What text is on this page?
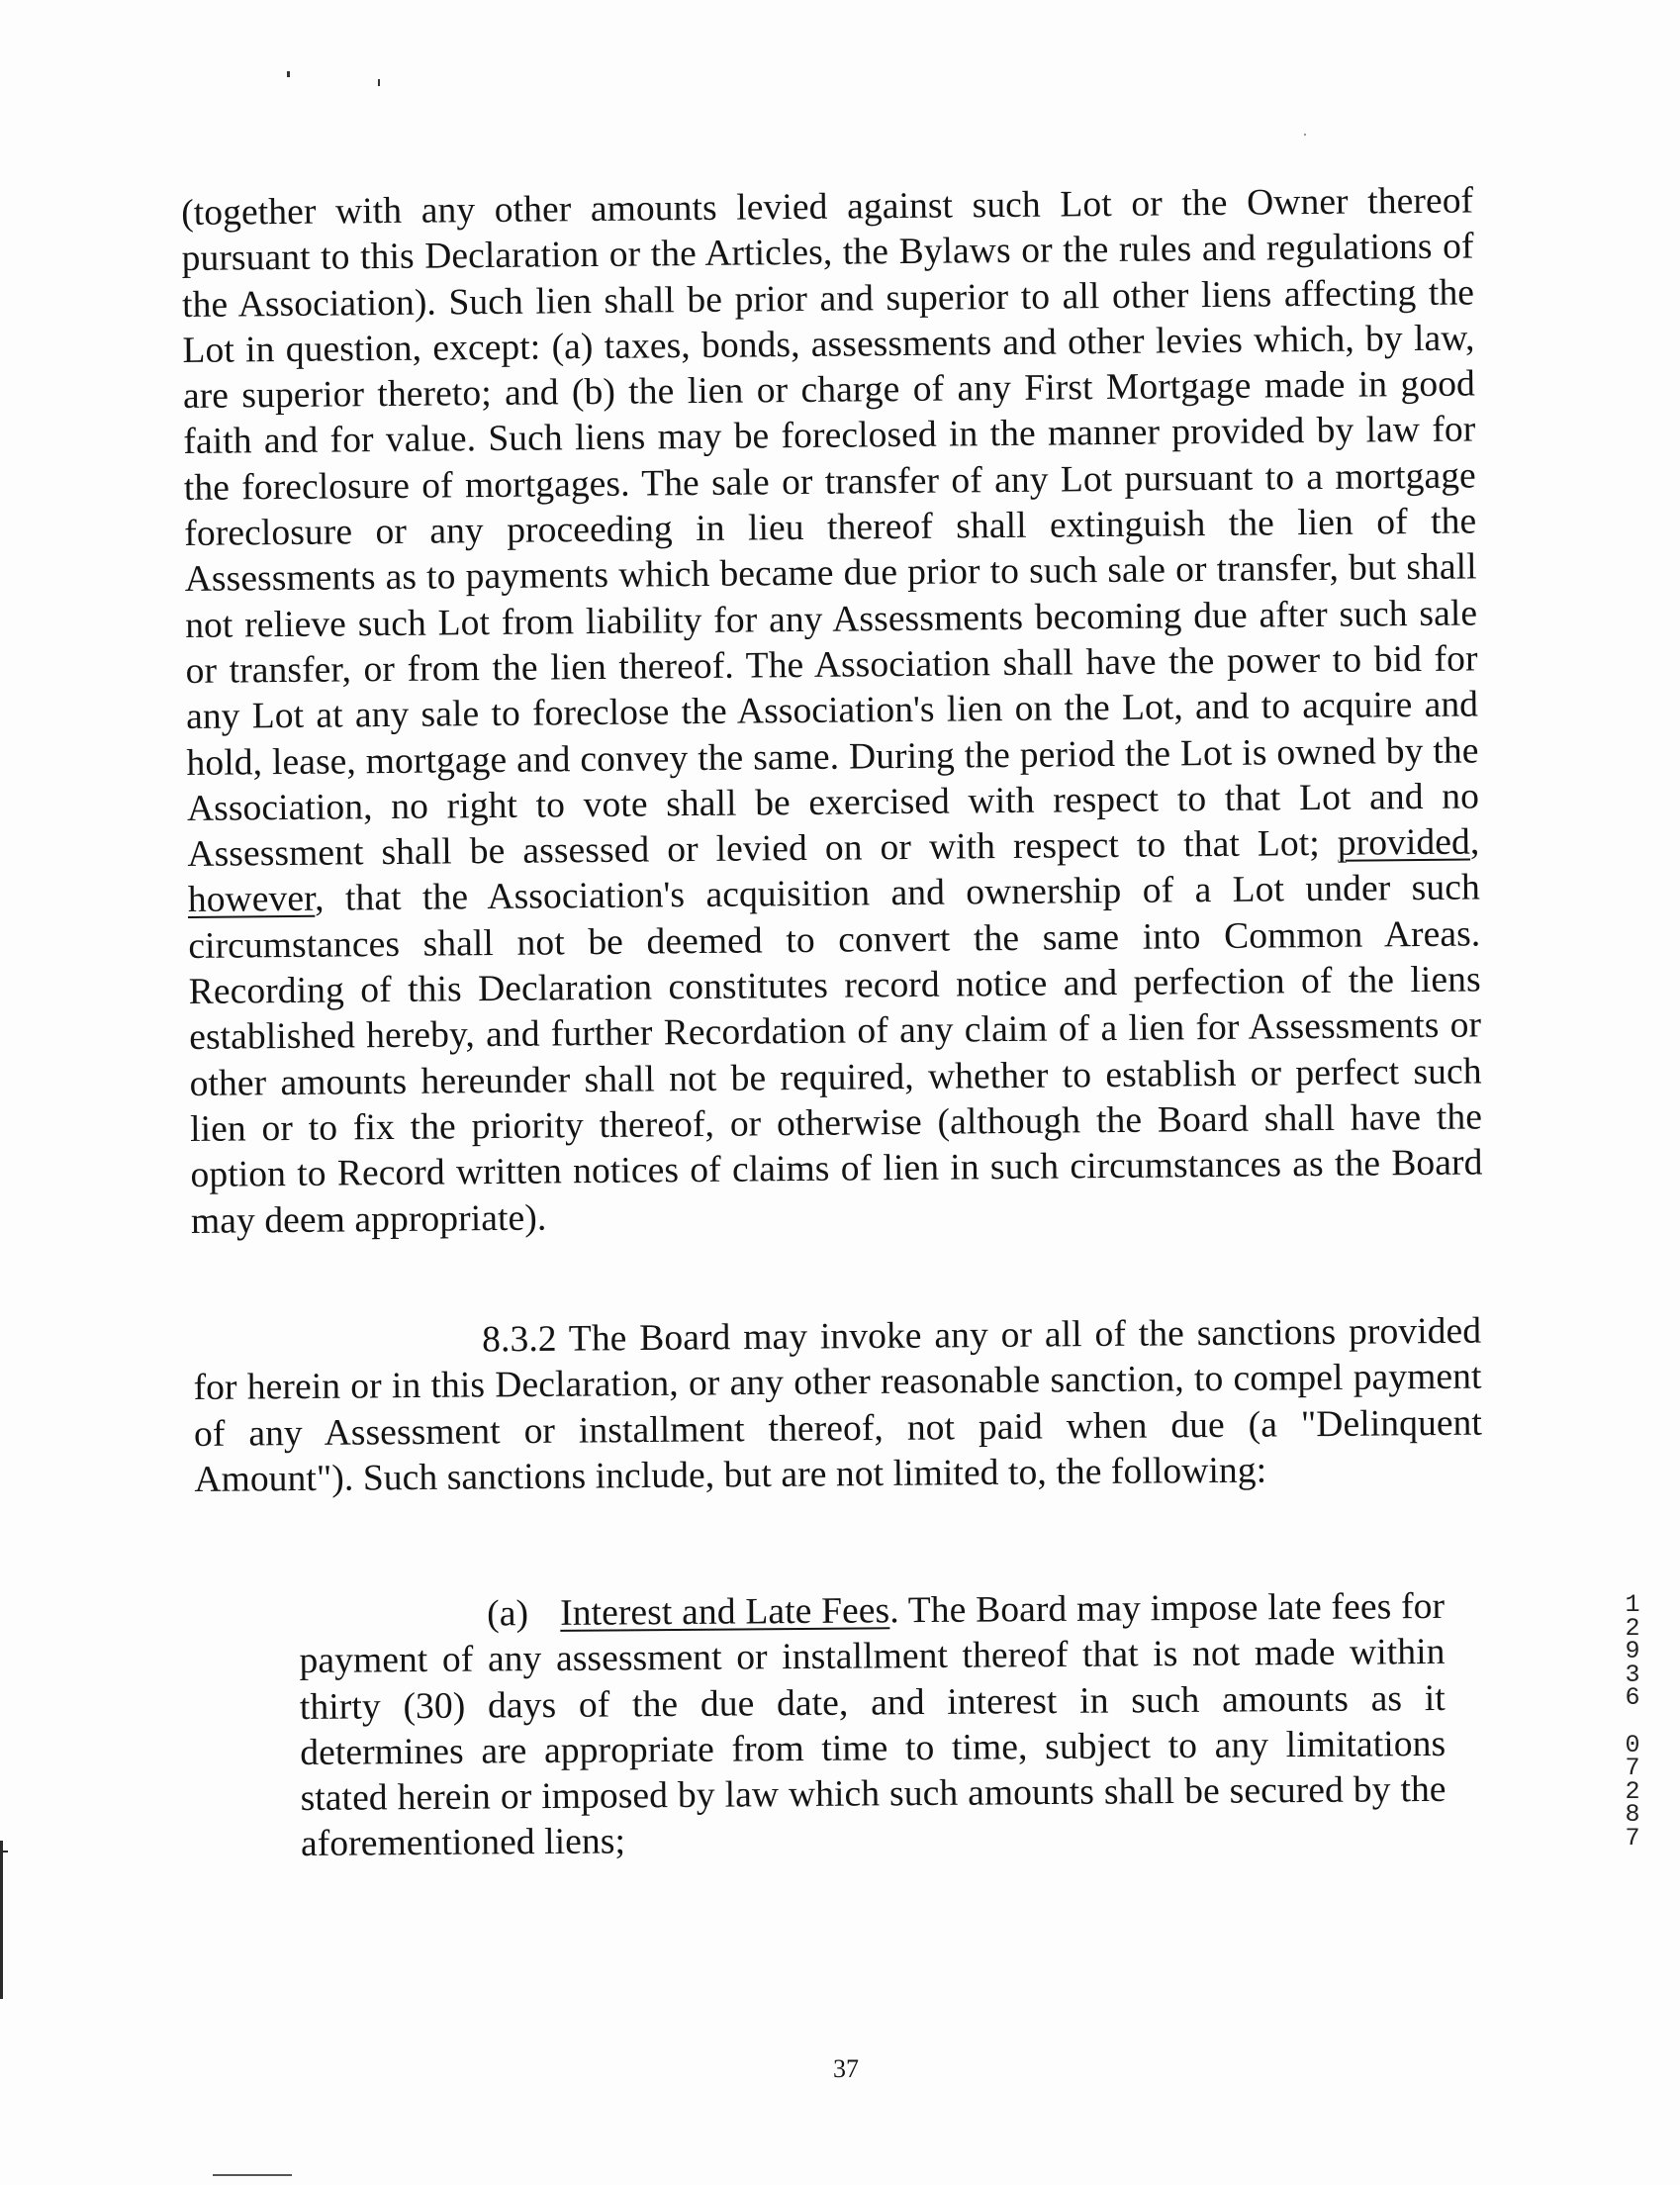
(together with any other amounts levied against such Lot or the Owner thereof pursuant to this Declaration or the Articles, the Bylaws or the rules and regulations of the Association). Such lien shall be prior and superior to all other liens affecting the Lot in question, except: (a) taxes, bonds, assessments and other levies which, by law, are superior thereto; and (b) the lien or charge of any First Mortgage made in good faith and for value. Such liens may be foreclosed in the manner provided by law for the foreclosure of mortgages. The sale or transfer of any Lot pursuant to a mortgage foreclosure or any proceeding in lieu thereof shall extinguish the lien of the Assessments as to payments which became due prior to such sale or transfer, but shall not relieve such Lot from liability for any Assessments becoming due after such sale or transfer, or from the lien thereof. The Association shall have the power to bid for any Lot at any sale to foreclose the Association's lien on the Lot, and to acquire and hold, lease, mortgage and convey the same. During the period the Lot is owned by the Association, no right to vote shall be exercised with respect to that Lot and no Assessment shall be assessed or levied on or with respect to that Lot; provided, however, that the Association's acquisition and ownership of a Lot under such circumstances shall not be deemed to convert the same into Common Areas. Recording of this Declaration constitutes record notice and perfection of the liens established hereby, and further Recordation of any claim of a lien for Assessments or other amounts hereunder shall not be required, whether to establish or perfect such lien or to fix the priority thereof, or otherwise (although the Board shall have the option to Record written notices of claims of lien in such circumstances as the Board may deem appropriate).

8.3.2 The Board may invoke any or all of the sanctions provided for herein or in this Declaration, or any other reasonable sanction, to compel payment of any Assessment or installment thereof, not paid when due (a "Delinquent Amount"). Such sanctions include, but are not limited to, the following:

(a) Interest and Late Fees. The Board may impose late fees for payment of any assessment or installment thereof that is not made within thirty (30) days of the due date, and interest in such amounts as it determines are appropriate from time to time, subject to any limitations stated herein or imposed by law which such amounts shall be secured by the aforementioned liens;

37
1
2
9
3
6
0
7
2
8
7
